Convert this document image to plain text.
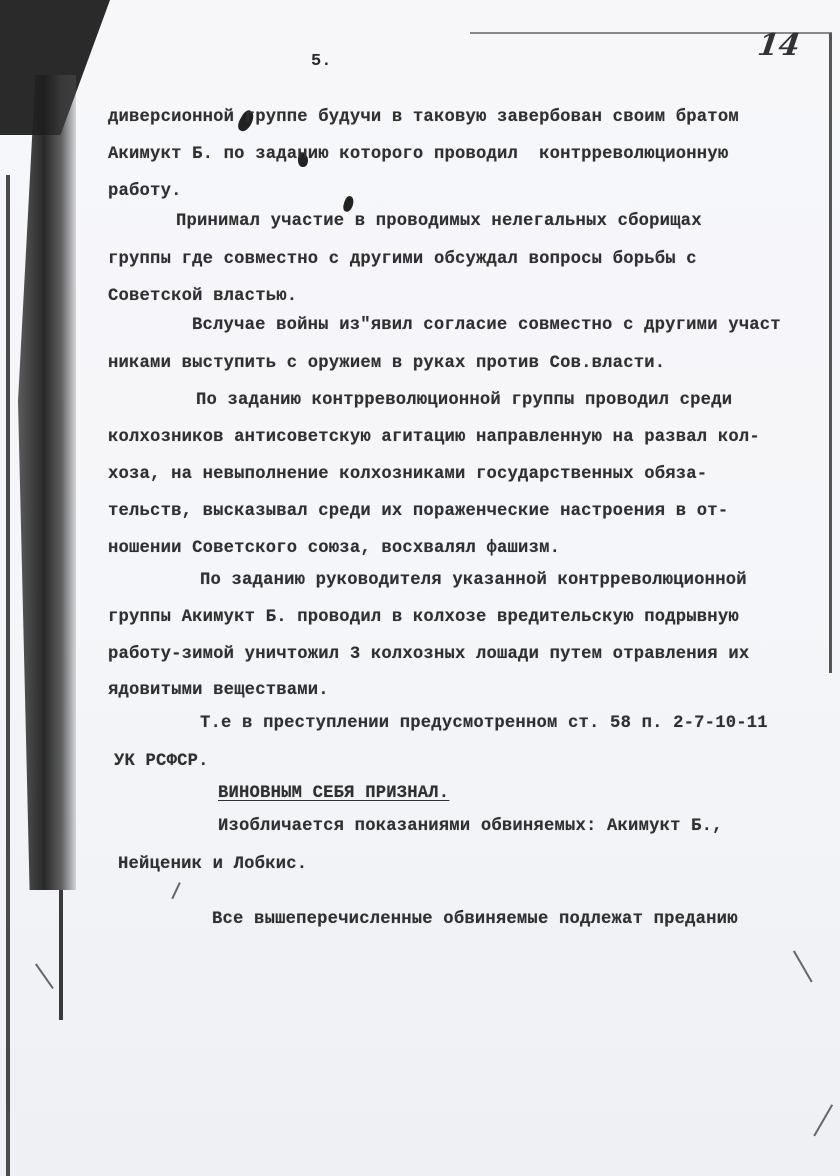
5.	14
диверсионной группе будучи в таковую завербован своим братом
Акимукт Б. по заданию которого проводил  контрреволюционную
работу.
Принимал участие в проводимых нелегальных сборищах
группы где совместно с другими обсуждал вопросы борьбы с
Советской властью.
Вслучае войны из"явил согласие совместно с другими участ
никами выступить с оружием в руках против Сов.власти.
По заданию контрреволюционной группы проводил среди
колхозников антисоветскую агитацию направленную на развал кол-
хоза, на невыполнение колхозниками государственных обяза-
тельств, высказывал среди их пораженческие настроения в от-
ношении Советского союза, восхвалял фашизм.
По заданию руководителя указанной контрреволюционной
группы Акимукт Б. проводил в колхозе вредительскую подрывную
работу-зимой уничтожил 3 колхозных лошади путем отравления их
ядовитыми веществами.
Т.е в преступлении предусмотренном ст. 58 п. 2-7-10-11
УК РСФСР.
ВИНОВНЫМ СЕБЯ ПРИЗНАЛ.
Изобличается показаниями обвиняемых: Акимукт Б.,
Нейценик и Лобкис.
Все вышеперечисленные обвиняемые подлежат преданию
